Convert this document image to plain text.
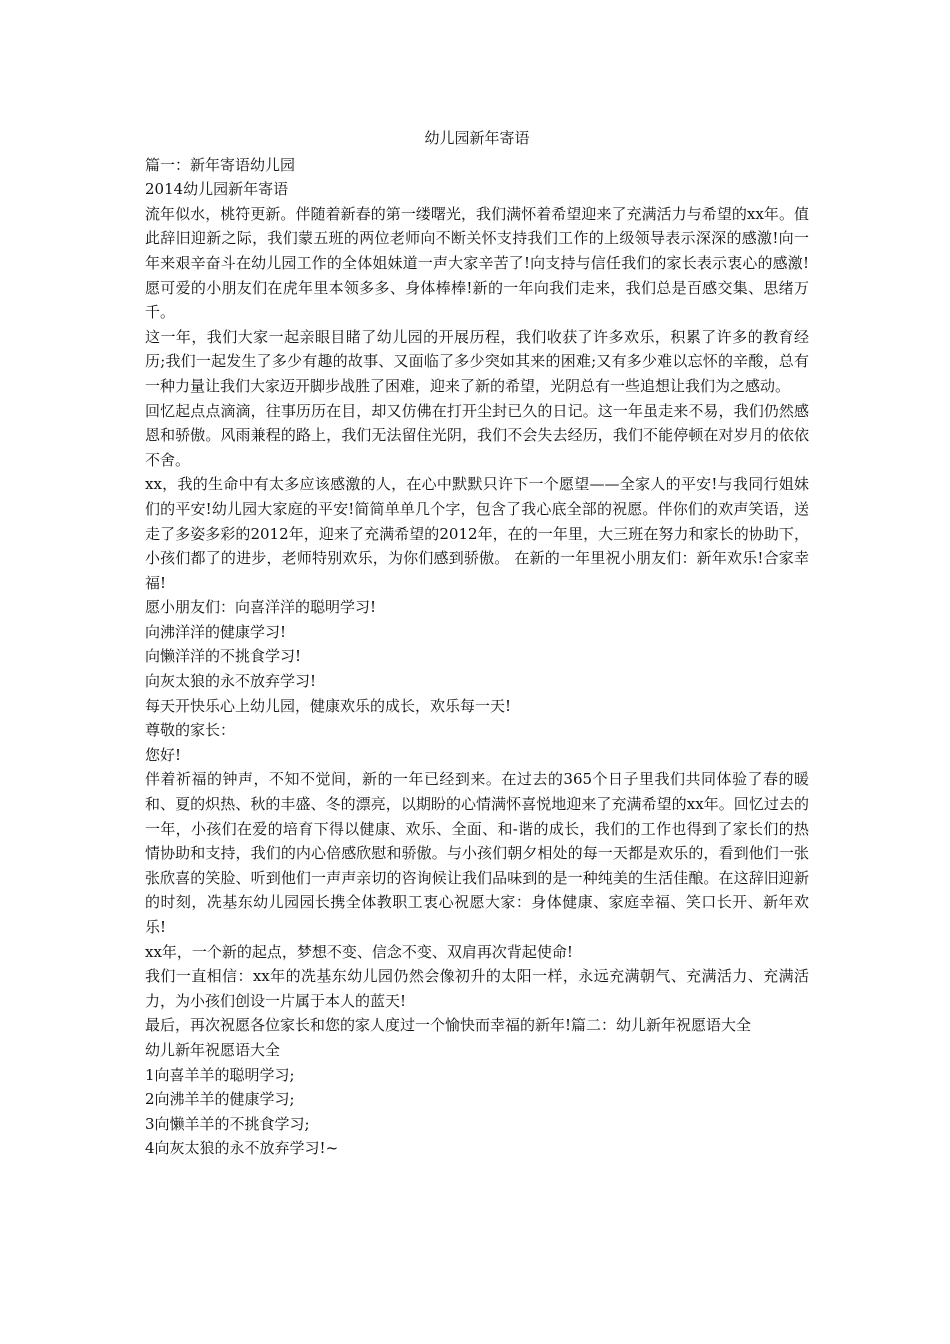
幼儿园新年寄语

篇一：新年寄语幼儿园

2014幼儿园新年寄语

流年似水，桃符更新。伴随着新春的第一缕曙光，我们满怀着希望迎来了充满活力与希望的xx年。值此辞旧迎新之际，我们蒙五班的两位老师向不断关怀支持我们工作的上级领导表示深深的感激!向一年来艰辛奋斗在幼儿园工作的全体姐妹道一声大家辛苦了!向支持与信任我们的家长表示衷心的感激!愿可爱的小朋友们在虎年里本领多多、身体棒棒!新的一年向我们走来，我们总是百感交集、思绪万千。

这一年，我们大家一起亲眼目睹了幼儿园的开展历程，我们收获了许多欢乐，积累了许多的教育经历;我们一起发生了多少有趣的故事、又面临了多少突如其来的困难;又有多少难以忘怀的辛酸，总有一种力量让我们大家迈开脚步战胜了困难，迎来了新的希望，光阴总有一些追想让我们为之感动。

回忆起点点滴滴，往事历历在目，却又仿佛在打开尘封已久的日记。这一年虽走来不易，我们仍然感恩和骄傲。风雨兼程的路上，我们无法留住光阴，我们不会失去经历，我们不能停顿在对岁月的依依不舍。

xx，我的生命中有太多应该感激的人，在心中默默只许下一个愿望——全家人的平安!与我同行姐妹们的平安!幼儿园大家庭的平安!简简单单几个字，包含了我心底全部的祝愿。伴你们的欢声笑语，送走了多姿多彩的2012年，迎来了充满希望的2012年，在的一年里，大三班在努力和家长的协助下，小孩们都了的进步，老师特别欢乐，为你们感到骄傲。 在新的一年里祝小朋友们：新年欢乐!合家幸福!

愿小朋友们：向喜洋洋的聪明学习!

向沸洋洋的健康学习!

向懒洋洋的不挑食学习!

向灰太狼的永不放弃学习!

每天开快乐心上幼儿园，健康欢乐的成长，欢乐每一天!

尊敬的家长：

您好!

伴着祈福的钟声，不知不觉间，新的一年已经到来。在过去的365个日子里我们共同体验了春的暖和、夏的炽热、秋的丰盛、冬的漂亮，以期盼的心情满怀喜悦地迎来了充满希望的xx年。回忆过去的一年，小孩们在爱的培育下得以健康、欢乐、全面、和-谐的成长，我们的工作也得到了家长们的热情协助和支持，我们的内心倍感欣慰和骄傲。与小孩们朝夕相处的每一天都是欢乐的，看到他们一张张欣喜的笑脸、听到他们一声声亲切的咨询候让我们品味到的是一种纯美的生活佳酿。在这辞旧迎新的时刻，冼基东幼儿园园长携全体教职工衷心祝愿大家：身体健康、家庭幸福、笑口长开、新年欢乐!

xx年，一个新的起点，梦想不变、信念不变、双肩再次背起使命!

我们一直相信：xx年的冼基东幼儿园仍然会像初升的太阳一样，永远充满朝气、充满活力、充满活力，为小孩们创设一片属于本人的蓝天!

最后，再次祝愿各位家长和您的家人度过一个愉快而幸福的新年!篇二：幼儿新年祝愿语大全

幼儿新年祝愿语大全

1向喜羊羊的聪明学习;

2向沸羊羊的健康学习;

3向懒羊羊的不挑食学习;

4向灰太狼的永不放弃学习!~
